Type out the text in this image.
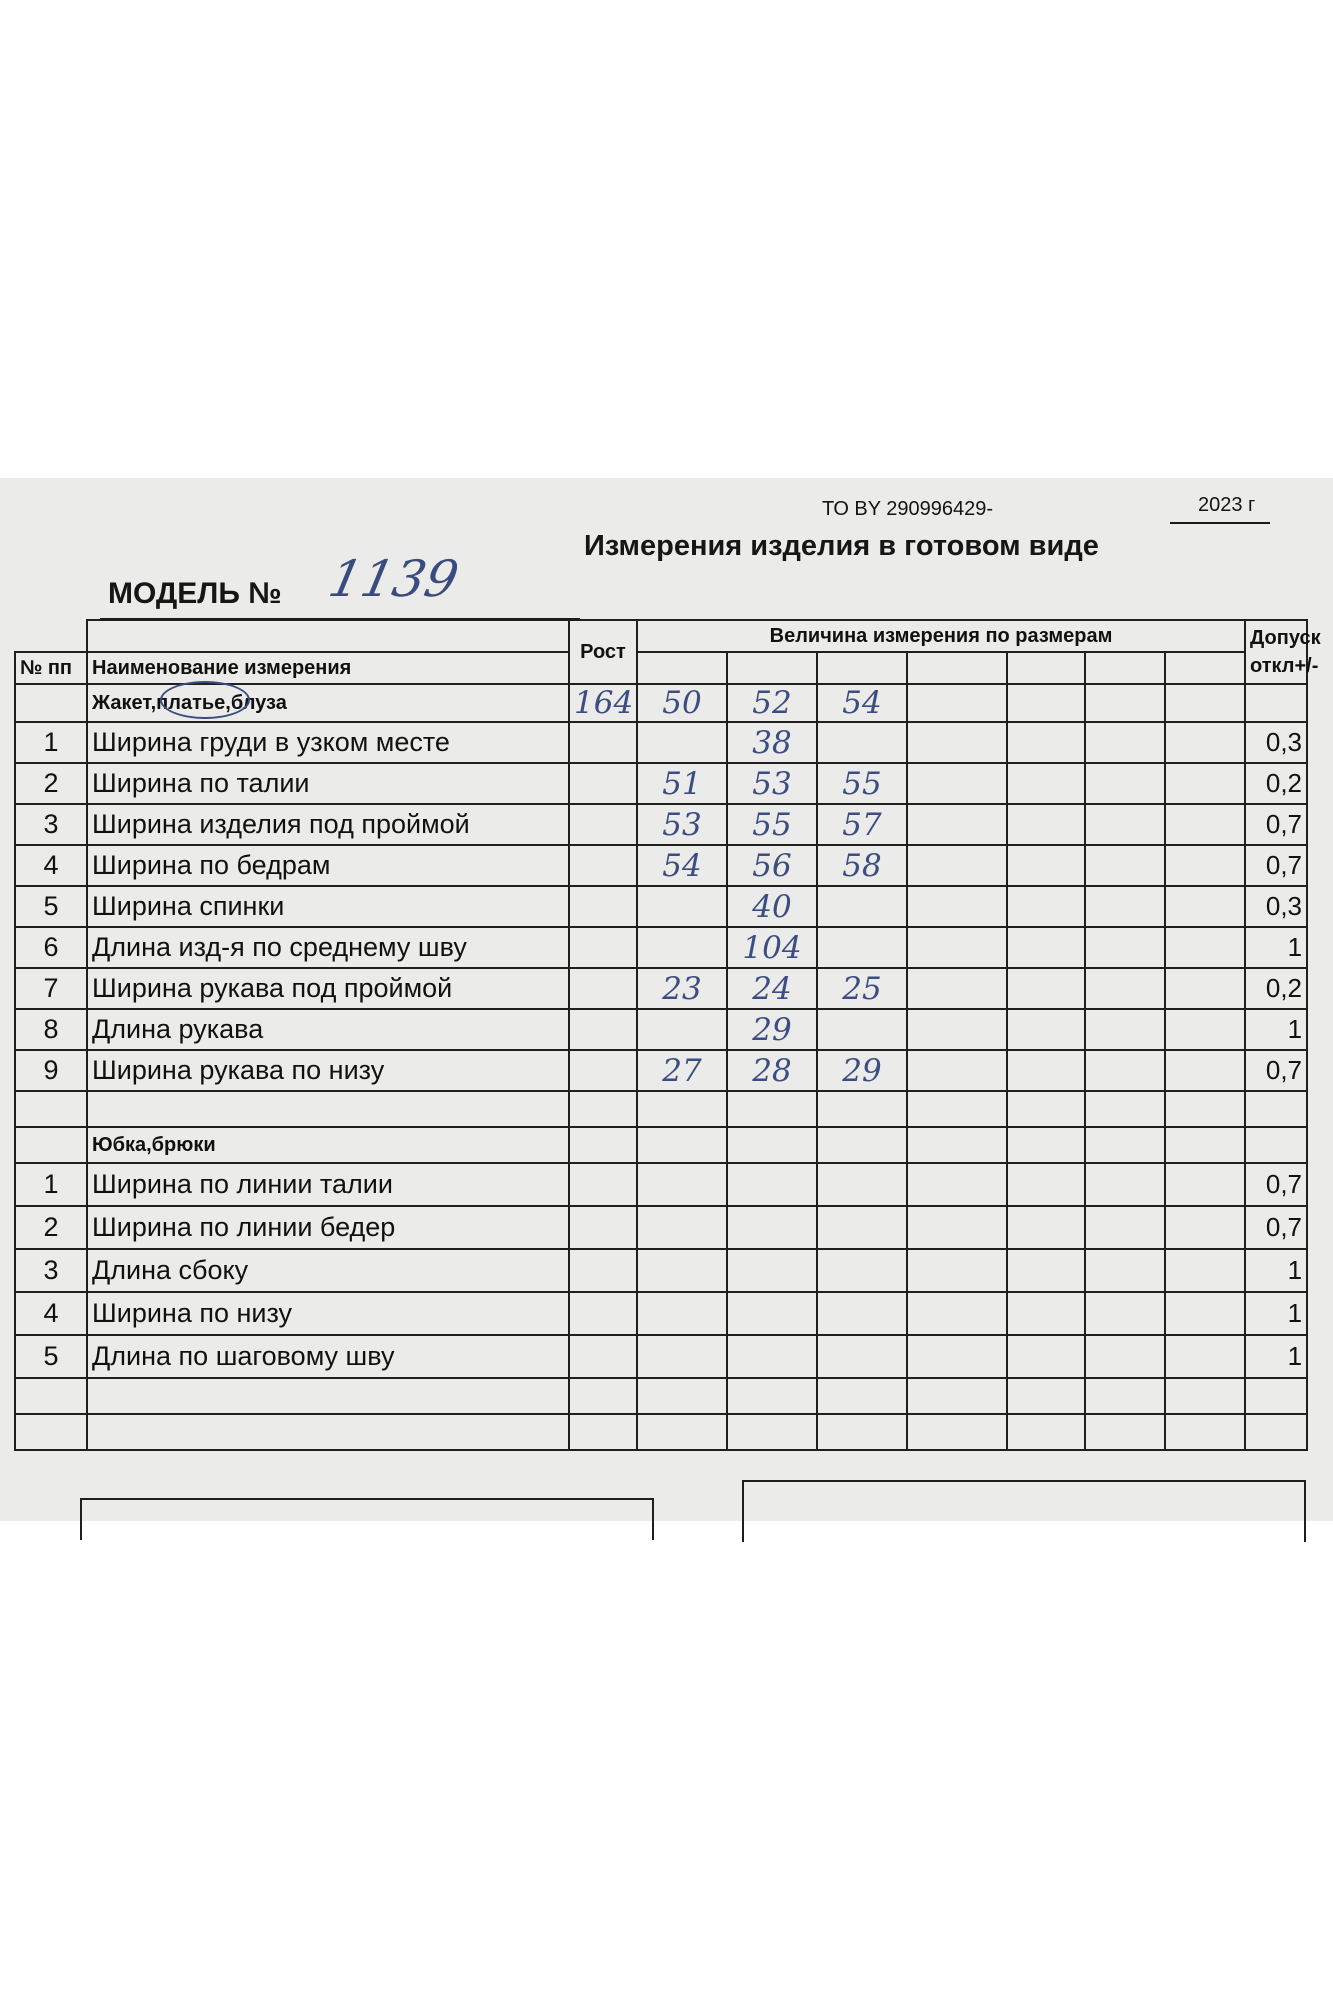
ТО BY 290996429-	2023 г
Измерения изделия в готовом виде
МОДЕЛЬ № 1139
		Рост	Величина измерения по размерам							Допуск
откл+/-

№ пп	Наименование измерения									
	Жакет,платье,блуза	164	50	52	54					
1	Ширина груди в узком месте			38						0,3
2	Ширина по талии		51	53	55					0,2
3	Ширина изделия под проймой		53	55	57					0,7
4	Ширина по бедрам		54	56	58					0,7
5	Ширина спинки			40						0,3
6	Длина изд-я по среднему шву			104						1
7	Ширина рукава под проймой		23	24	25					0,2
8	Длина рукава			29						1
9	Ширина рукава по низу		27	28	29					0,7

	Юбка,брюки									
1	Ширина по линии талии									0,7
2	Ширина по линии бедер									0,7
3	Длина сбоку									1
4	Ширина по низу									1
5	Длина по шаговому шву									1
